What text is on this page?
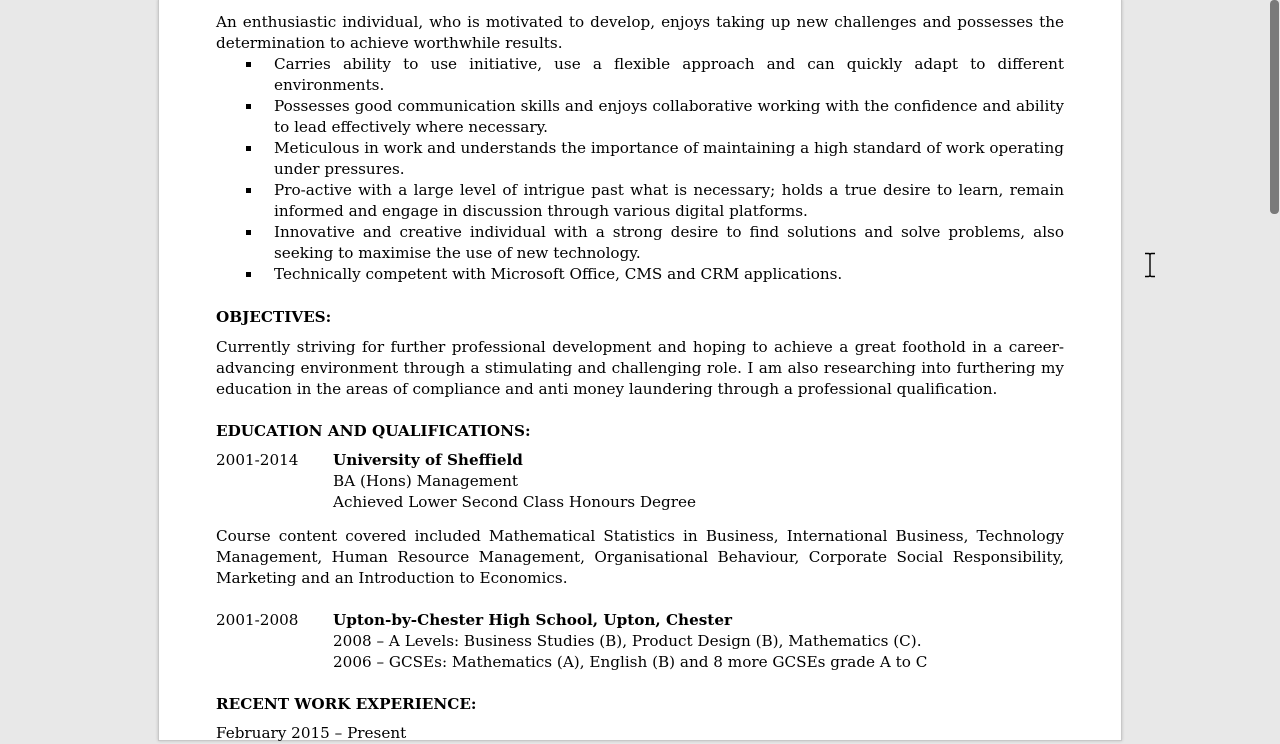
An enthusiastic individual, who is motivated to develop, enjoys taking up new challenges and possesses the determination to achieve worthwhile results.

Carries ability to use initiative, use a flexible approach and can quickly adapt to different environments.
Possesses good communication skills and enjoys collaborative working with the confidence and ability to lead effectively where necessary.
Meticulous in work and understands the importance of maintaining a high standard of work operating under pressures.
Pro-active with a large level of intrigue past what is necessary; holds a true desire to learn, remain informed and engage in discussion through various digital platforms.
Innovative and creative individual with a strong desire to find solutions and solve problems, also seeking to maximise the use of new technology.
Technically competent with Microsoft Office, CMS and CRM applications.

OBJECTIVES:

Currently striving for further professional development and hoping to achieve a great foothold in a career-advancing environment through a stimulating and challenging role. I am also researching into furthering my education in the areas of compliance and anti money laundering through a professional qualification.

EDUCATION AND QUALIFICATIONS:

2001-2014	University of Sheffield
BA (Hons) Management
Achieved Lower Second Class Honours Degree

Course content covered included Mathematical Statistics in Business, International Business, Technology Management, Human Resource Management, Organisational Behaviour, Corporate Social Responsibility, Marketing and an Introduction to Economics.

2001-2008	Upton-by-Chester High School, Upton, Chester
2008 – A Levels: Business Studies (B), Product Design (B), Mathematics (C).
2006 – GCSEs: Mathematics (A), English (B) and 8 more GCSEs grade A to C

RECENT WORK EXPERIENCE:

February 2015 – Present
